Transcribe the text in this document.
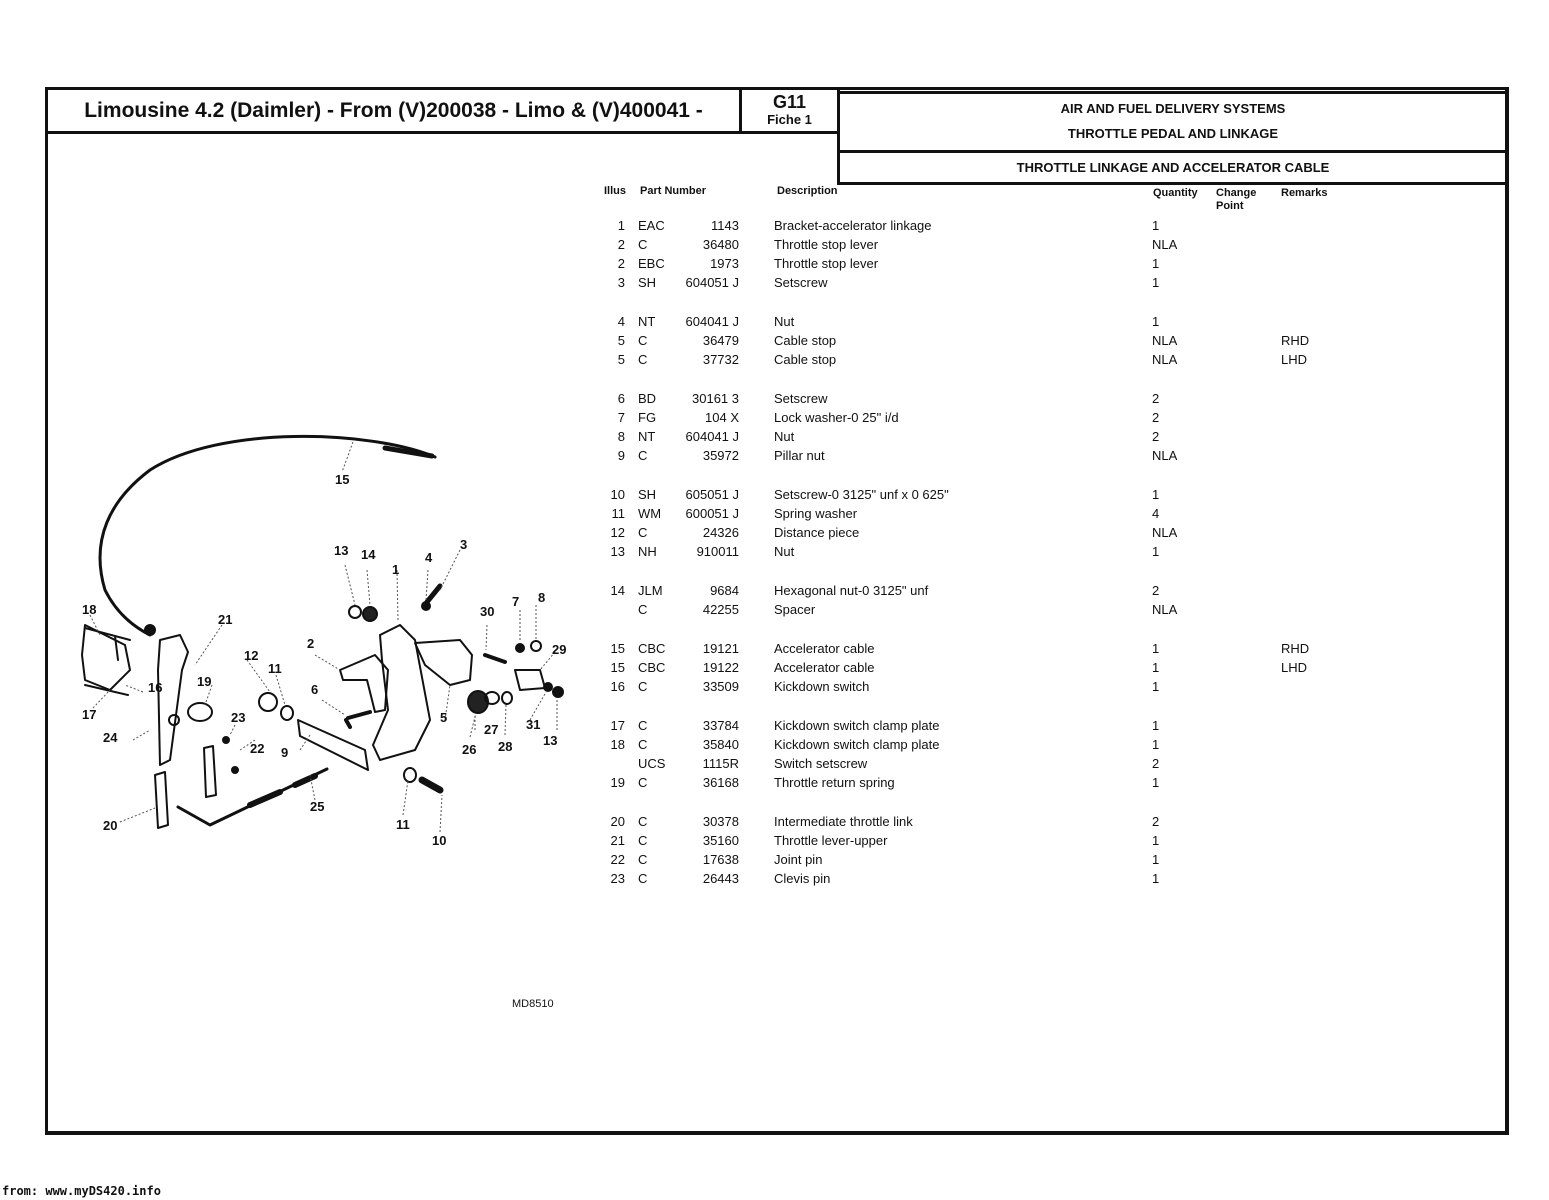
Limousine 4.2 (Daimler) - From (V)200038 - Limo & (V)400041 -	G11
Fiche 1
AIR AND FUEL DELIVERY SYSTEMS
THROTTLE PEDAL AND LINKAGE
THROTTLE LINKAGE AND ACCELERATOR CABLE
Illus Part Number	Description	Quantity Change Point
Remarks
1 EAC	1143	Bracket-accelerator linkage	1
2 C	36480	Throttle stop lever	NLA
2 EBC	1973	Throttle stop lever	1
3 SH	604051 J	Setscrew	1
4 NT	604041 J	Nut	1
5 C	36479	Cable stop	NLA	RHD
5 C	37732	Cable stop	NLA	LHD
6 BD	30161 3	Setscrew	2
7 FG	104 X	Lock washer-0 25" i/d	2
8 NT	604041 J	Nut	2
9 C	35972	Pillar nut	NLA
10 SH	605051 J	Setscrew-0 3125" unf x 0 625"	1
11 WM	600051 J	Spring washer	4
12 C	24326	Distance piece	NLA
13 NH	910011	Nut	1
14 JLM	9684	Hexagonal nut-0 3125" unf	2
C	42255	Spacer	NLA
15 CBC	19121	Accelerator cable	1	RHD
15 CBC	19122	Accelerator cable	1	LHD
16 C	33509	Kickdown switch	1
17 C	33784	Kickdown switch clamp plate	1
18 C	35840	Kickdown switch clamp plate	1
UCS	1115R	Switch setscrew	2
19 C	36168	Throttle return spring	1
20 C	30378	Intermediate throttle link	2
21 C	35160	Throttle lever-upper	1
22 C	17638	Joint pin	1
23 C	26443	Clevis pin	1
15
13 14
1
4
3
18
21
30
7 8
2
12
11
29
16	19
6
5
17	23
24
22 9
27 31
26 28 13
25
11
20
10
MD8510
from: www.myDS420.info
